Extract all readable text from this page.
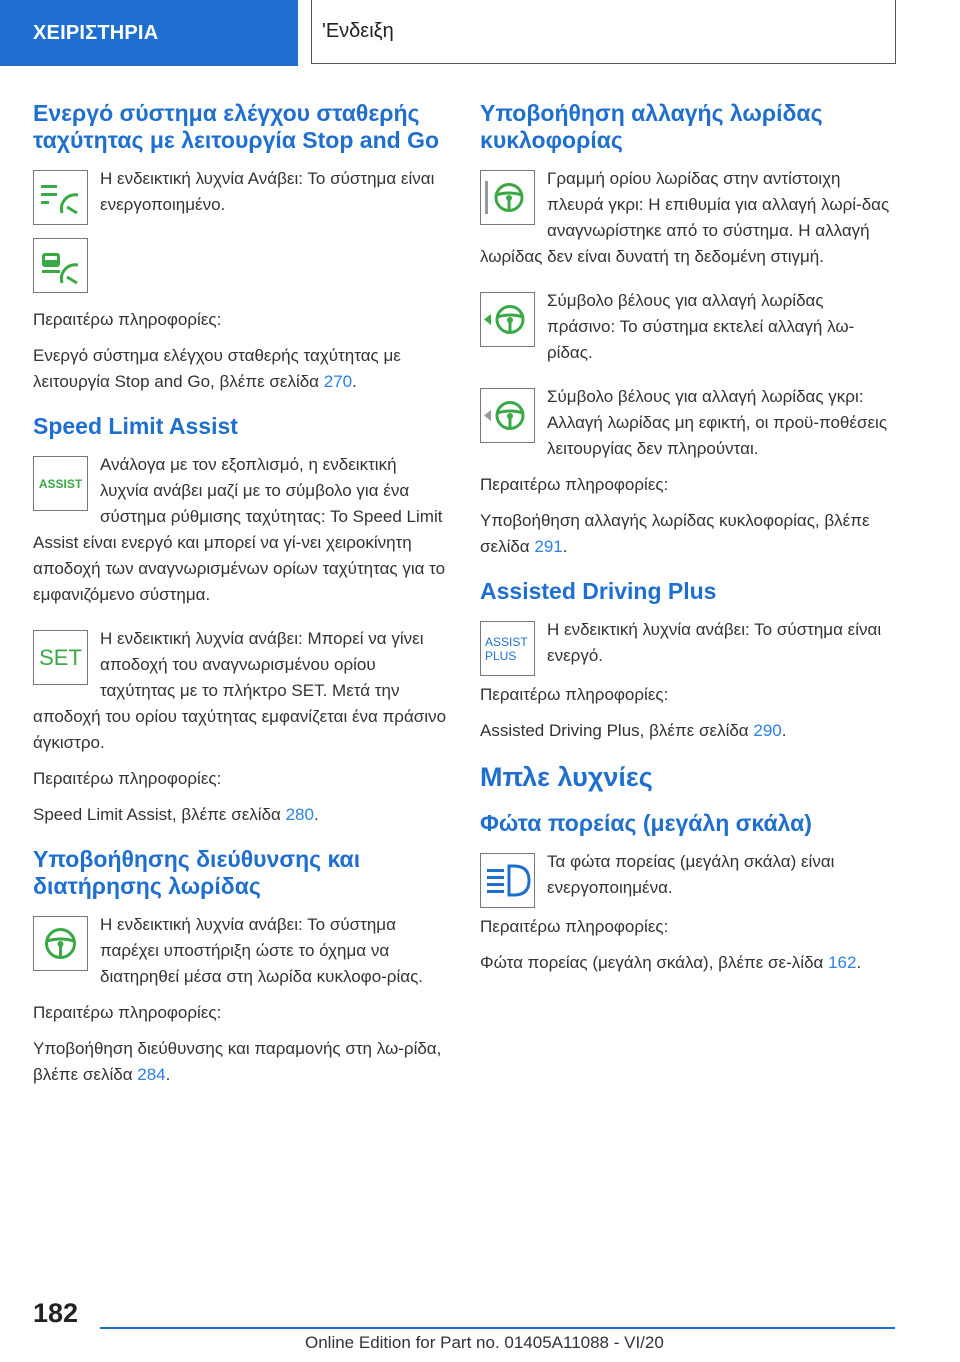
ΧΕΙΡΙΣΤΗΡΙΑ	'Ενδειξη
Ενεργό σύστημα ελέγχου σταθερής ταχύτητας με λειτουργία Stop and Go
Η ενδεικτική λυχνία Ανάβει: Το σύστημα είναι ενεργοποιημένο.
Περαιτέρω πληροφορίες:
Ενεργό σύστημα ελέγχου σταθερής ταχύτητας με λειτουργία Stop and Go, βλέπε σελίδα 270.
Speed Limit Assist
ASSIST
Ανάλογα με τον εξοπλισμό, η ενδεικτική λυχνία ανάβει μαζί με το σύμβολο για ένα σύστημα ρύθμισης ταχύτητας: Το Speed Limit Assist είναι ενεργό και μπορεί να γί-νει χειροκίνητη αποδοχή των αναγνωρισμένων ορίων ταχύτητας για το εμφανιζόμενο σύστημα.
SET
Η ενδεικτική λυχνία ανάβει: Μπορεί να γίνει αποδοχή του αναγνωρισμένου ορίου ταχύτητας με το πλήκτρο SET. Μετά την αποδοχή του ορίου ταχύτητας εμφανίζεται ένα πράσινο άγκιστρο.
Περαιτέρω πληροφορίες:
Speed Limit Assist, βλέπε σελίδα 280.
Υποβοήθησης διεύθυνσης και διατήρησης λωρίδας
Η ενδεικτική λυχνία ανάβει: Το σύστημα παρέχει υποστήριξη ώστε το όχημα να διατηρηθεί μέσα στη λωρίδα κυκλοφο-ρίας.
Περαιτέρω πληροφορίες:
Υποβοήθηση διεύθυνσης και παραμονής στη λω-ρίδα, βλέπε σελίδα 284.
Υποβοήθηση αλλαγής λωρίδας κυκλοφορίας
Γραμμή ορίου λωρίδας στην αντίστοιχη πλευρά γκρι: Η επιθυμία για αλλαγή λωρί-δας αναγνωρίστηκε από το σύστημα. Η αλλαγή λωρίδας δεν είναι δυνατή τη δεδομένη στιγμή.
Σύμβολο βέλους για αλλαγή λωρίδας πράσινο: Το σύστημα εκτελεί αλλαγή λω-ρίδας.
Σύμβολο βέλους για αλλαγή λωρίδας γκρι: Αλλαγή λωρίδας μη εφικτή, οι προϋ-ποθέσεις λειτουργίας δεν πληρούνται.
Περαιτέρω πληροφορίες:
Υποβοήθηση αλλαγής λωρίδας κυκλοφορίας, βλέπε σελίδα 291.
Assisted Driving Plus
ASSIST
PLUS
Η ενδεικτική λυχνία ανάβει: Το σύστημα είναι ενεργό.
Περαιτέρω πληροφορίες:
Assisted Driving Plus, βλέπε σελίδα 290.
Μπλε λυχνίες
Φώτα πορείας (μεγάλη σκάλα)
Τα φώτα πορείας (μεγάλη σκάλα) είναι ενεργοποιημένα.
Περαιτέρω πληροφορίες:
Φώτα πορείας (μεγάλη σκάλα), βλέπε σε-λίδα 162.
182
Online Edition for Part no. 01405A11088 - VI/20
